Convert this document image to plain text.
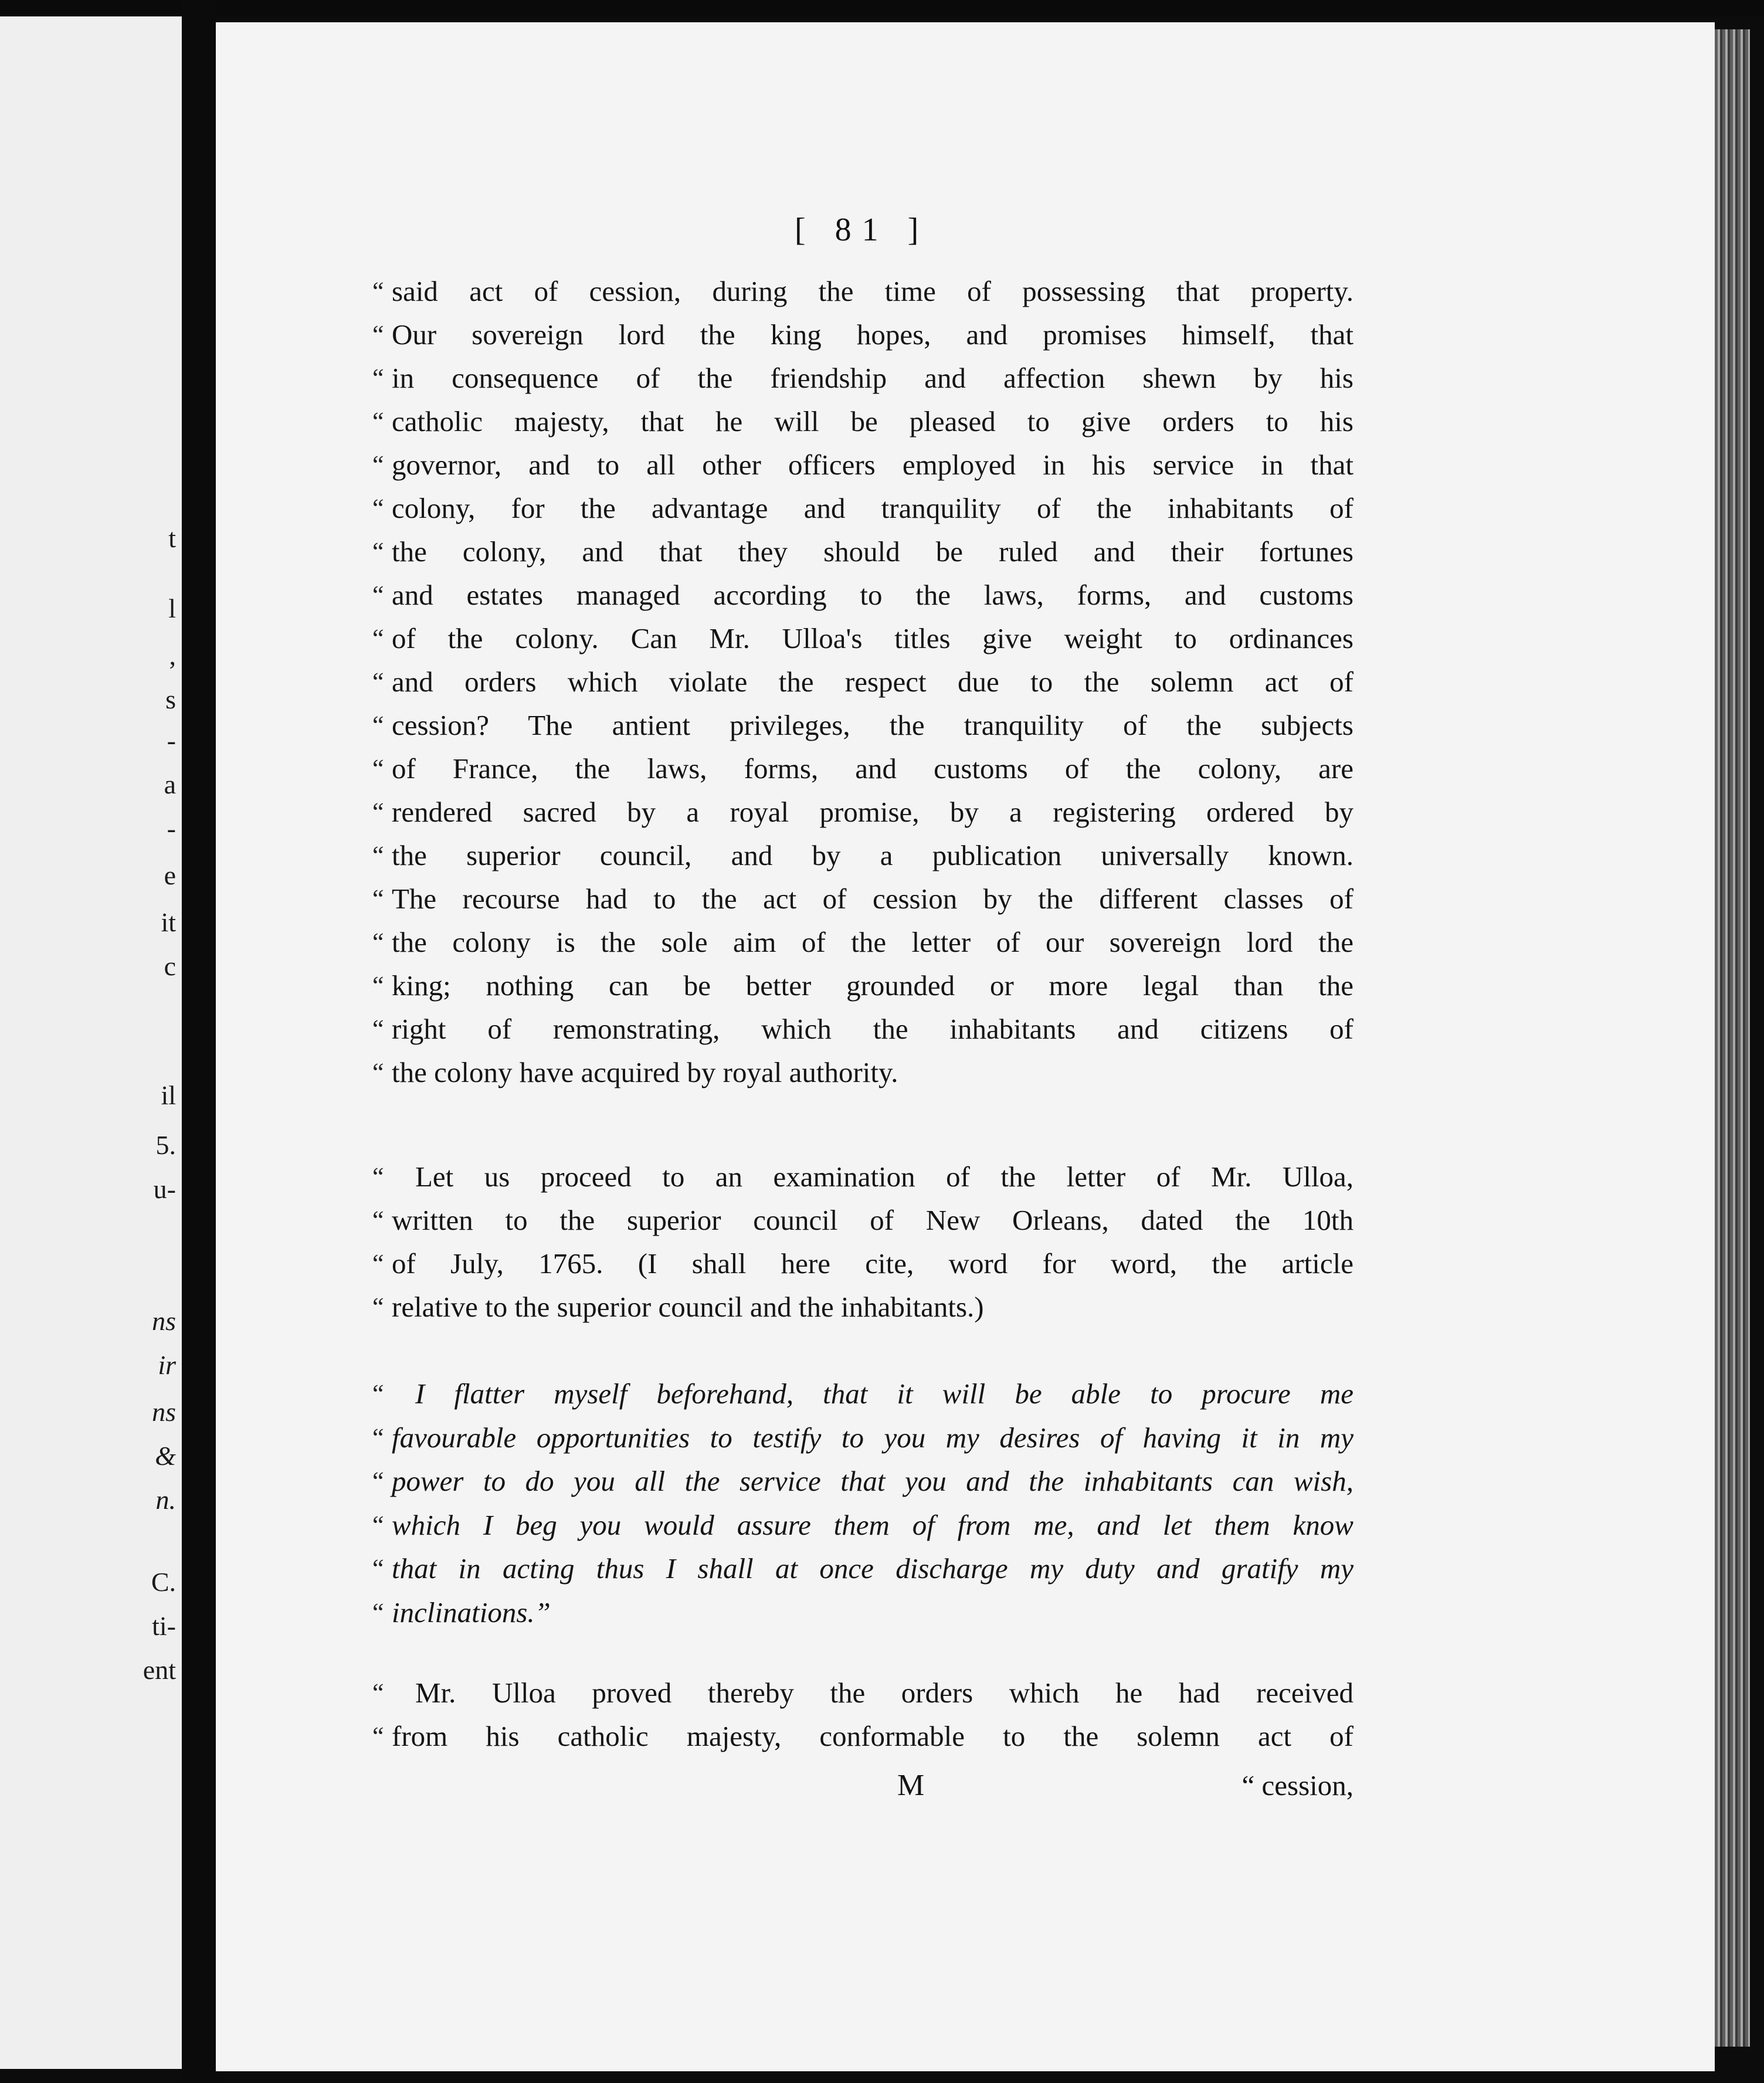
t
l
,
s
-
a
-
e
it
c
il
5.
u-
ns
ir
ns
&
n.
C.
ti-
ent
[ 81 ]
“ said act of cession, during the time of possessing that property.
“ Our sovereign lord the king hopes, and promises himself, that
“ in consequence of the friendship and affection shewn by his
“ catholic majesty, that he will be pleased to give orders to his
“ governor, and to all other officers employed in his service in that
“ colony, for the advantage and tranquility of the inhabitants of
“ the colony, and that they should be ruled and their fortunes
“ and estates managed according to the laws, forms, and customs
“ of the colony. Can Mr. Ulloa's titles give weight to ordinances
“ and orders which violate the respect due to the solemn act of
“ cession? The antient privileges, the tranquility of the subjects
“ of France, the laws, forms, and customs of the colony, are
“ rendered sacred by a royal promise, by a registering ordered by
“ the superior council, and by a publication universally known.
“ The recourse had to the act of cession by the different classes of
“ the colony is the sole aim of the letter of our sovereign lord the
“ king; nothing can be better grounded or more legal than the
“ right of remonstrating, which the inhabitants and citizens of
“ the colony have acquired by royal authority.
“	Let us proceed to an examination of the letter of Mr. Ulloa,
“ written to the superior council of New Orleans, dated the 10th
“ of July, 1765. (I shall here cite, word for word, the article
“ relative to the superior council and the inhabitants.)
“	I flatter myself beforehand, that it will be able to procure me
“ favourable opportunities to testify to you my desires of having it in my
“ power to do you all the service that you and the inhabitants can wish,
“ which I beg you would assure them of from me, and let them know
“ that in acting thus I shall at once discharge my duty and gratify my
“ inclinations.”
“	Mr. Ulloa proved thereby the orders which he had received
“ from his catholic majesty, conformable to the solemn act of
M	“ cession,
